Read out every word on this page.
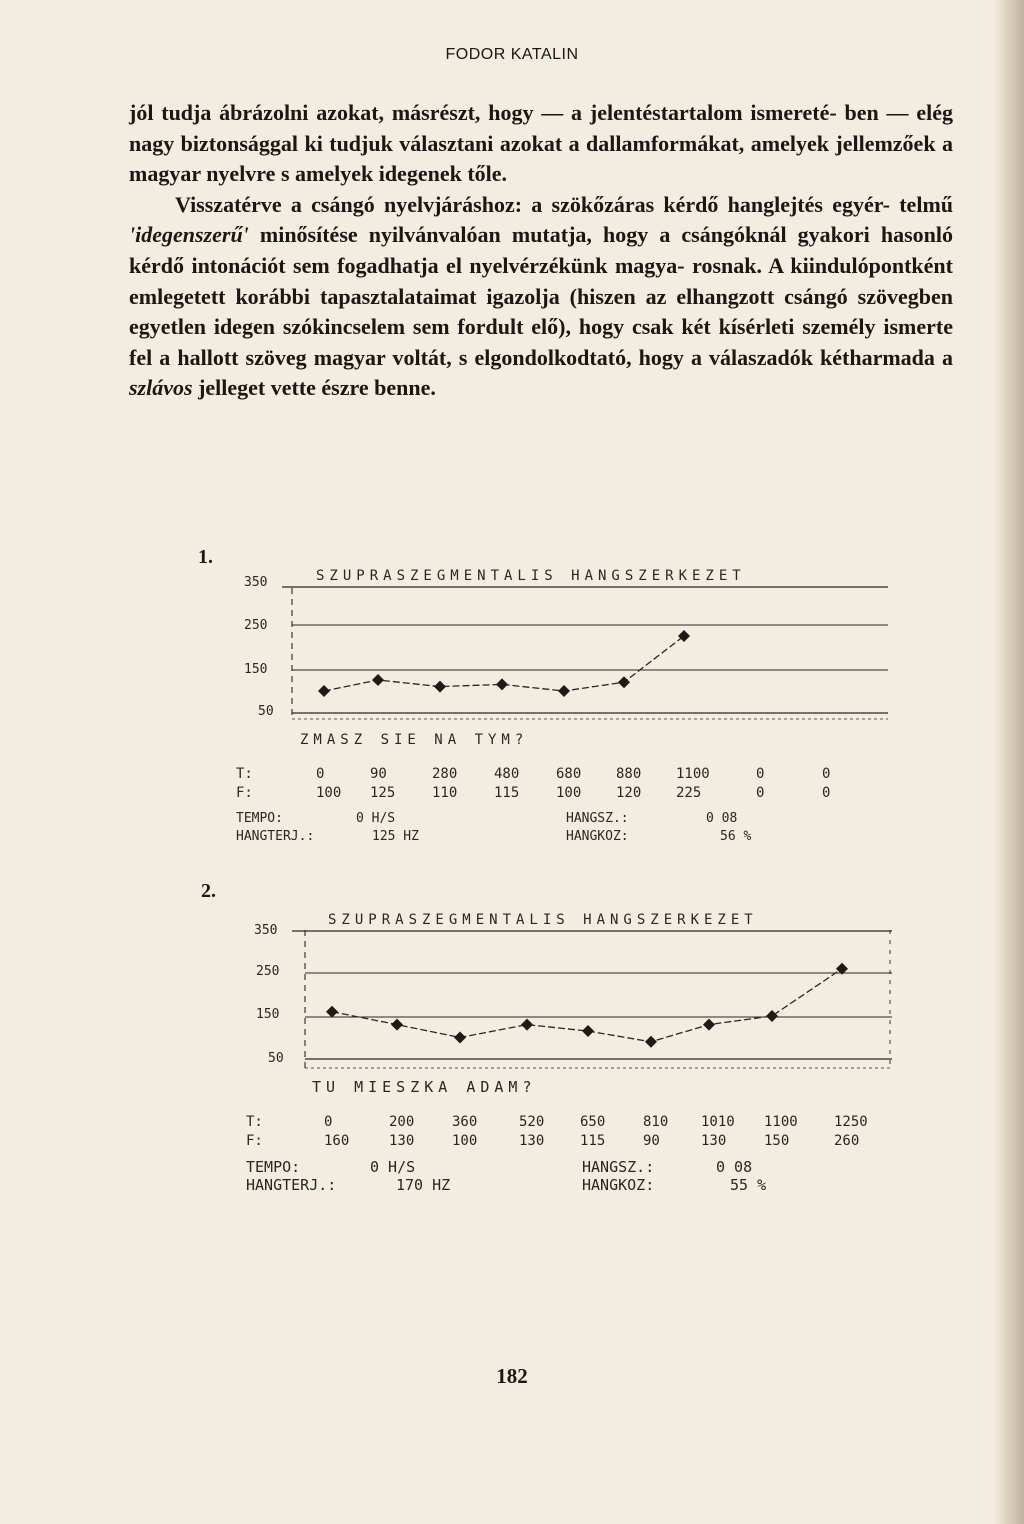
FODOR KATALIN

jól tudja ábrázolni azokat, másrészt, hogy — a jelentéstartalom ismereté- ben — elég nagy biztonsággal ki tudjuk választani azokat a dallamformákat, amelyek jellemzőek a magyar nyelvre s amelyek idegenek tőle.

Visszatérve a csángó nyelvjáráshoz: a szökőzáras kérdő hanglejtés egyér- telmű 'idegenszerű' minősítése nyilvánvalóan mutatja, hogy a csángóknál gyakori hasonló kérdő intonációt sem fogadhatja el nyelvérzékünk magya- rosnak. A kiindulópontként emlegetett korábbi tapasztalataimat igazolja (hiszen az elhangzott csángó szövegben egyetlen idegen szókincselem sem fordult elő), hogy csak két kísérleti személy ismerte fel a hallott szöveg magyar voltát, s elgondolkodtató, hogy a válaszadók kétharmada a szlávos jelleget vette észre benne.

1.
SZUPRASZEGMENTALIS HANGSZERKEZET
350
250
150
50
ZMASZ SIE NA TYM?
T:	0	90	280	480	680 880 1100	0	0
F:	100 125	110	115	100 120 225	0	0
TEMPO:	0 H/S
HANGTERJ.:	125 HZ
HANGSZ.:	0 08
HANGKOZ:	56 %
2.
SZUPRASZEGMENTALIS HANGSZERKEZET
350
250
150
50
TU MIESZKA ADAM?
T:	0	200	360	520	650	810 1010 1100	1250
F:	160	130	100	130	115	90	130	150	260
TEMPO:	0 H/S
HANGTERJ.:	170 HZ
HANGSZ.:	0 08
HANGKOZ:	55 %
182
